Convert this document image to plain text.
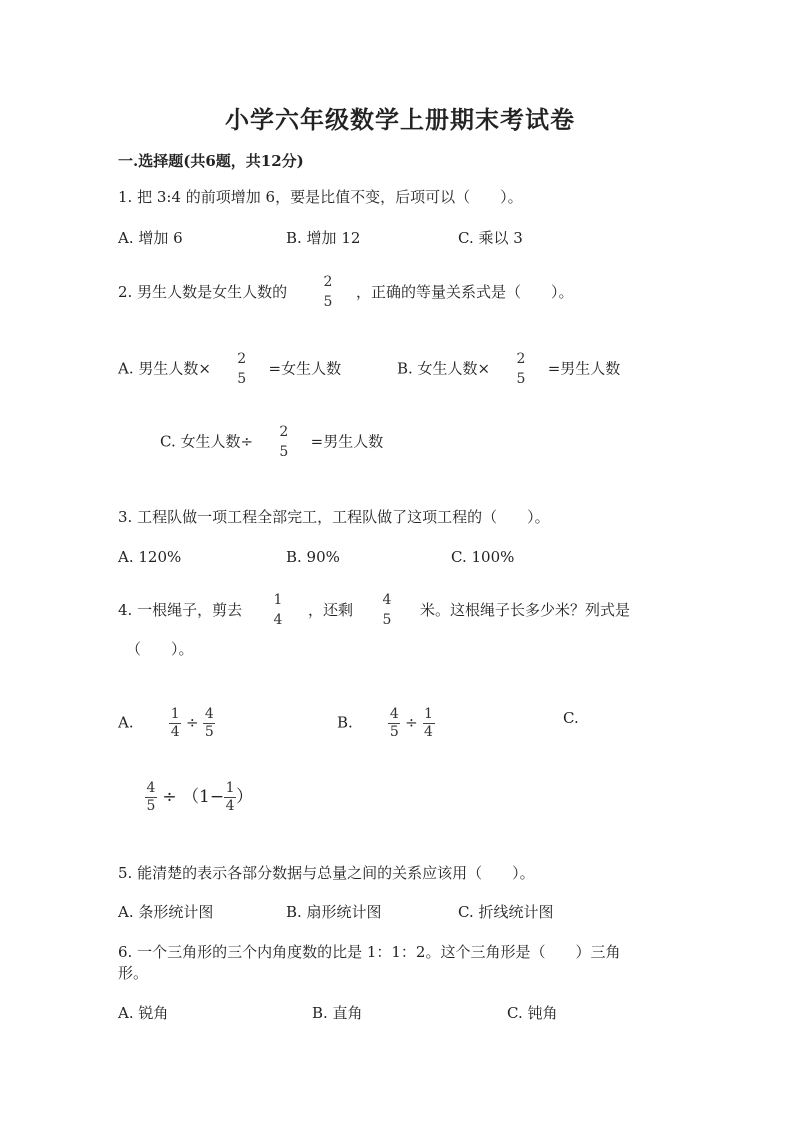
小学六年级数学上册期末考试卷
一.选择题(共6题，共12分)
1. 把 3:4 的前项增加 6，要是比值不变，后项可以（　　）。
A. 增加 6	B. 增加 12	C. 乘以 3
2. 男生人数是女生人数的
2
5
，正确的等量关系式是（　　）。
A. 男生人数×
2
5
=女生人数	B. 女生人数×
2
5
=男生人数
C. 女生人数÷
2
5
=男生人数
3. 工程队做一项工程全部完工，工程队做了这项工程的（　　）。
A. 120%	B. 90%	C. 100%
4. 一根绳子，剪去
1
4
，还剩
4
5
米。这根绳子长多少米？列式是
（　　）。
A.	$\frac{1}{4} \div \frac{4}{5}$	B.	$\frac{4}{5} \div \frac{1}{4}$	C.
$\frac{4}{5} \div (1- \frac{1}{4}$ ）
5. 能清楚的表示各部分数据与总量之间的关系应该用（　　）。
A. 条形统计图	B. 扇形统计图	C. 折线统计图
6. 一个三角形的三个内角度数的比是 1：1：2。这个三角形是（　　）三角
形。
A. 锐角	B. 直角	C. 钝角
